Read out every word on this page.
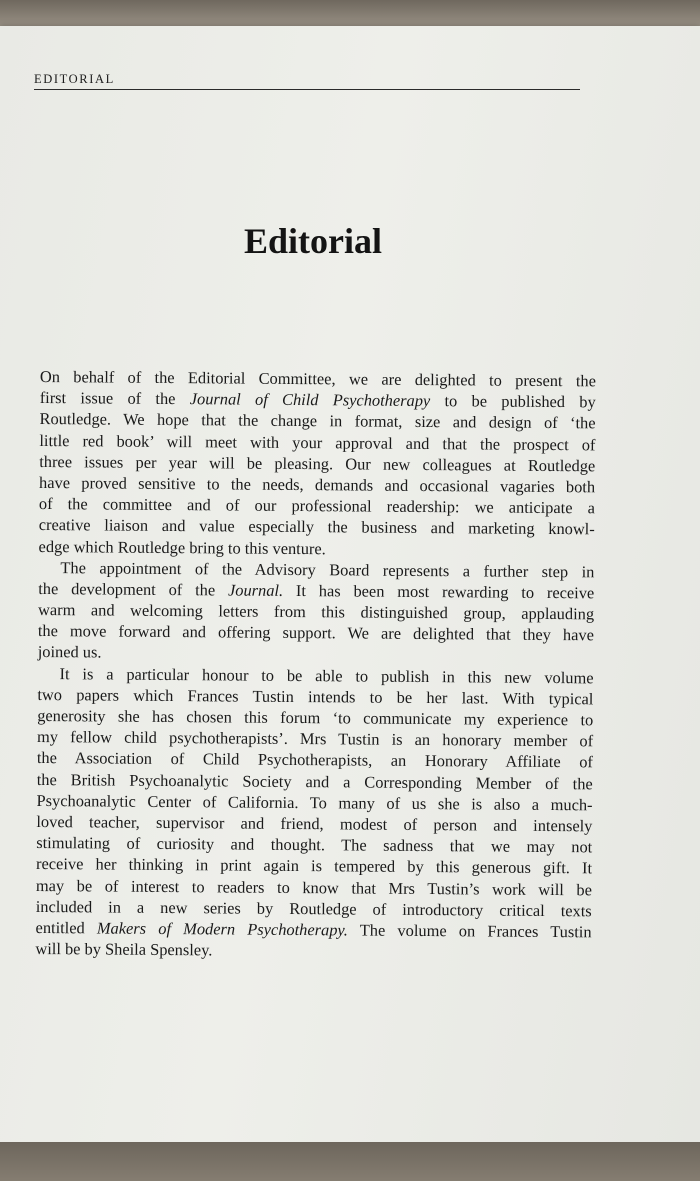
EDITORIAL
Editorial
On behalf of the Editorial Committee, we are delighted to present the
first issue of the Journal of Child Psychotherapy to be published by
Routledge. We hope that the change in format, size and design of ‘the
little red book’ will meet with your approval and that the prospect of
three issues per year will be pleasing. Our new colleagues at Routledge
have proved sensitive to the needs, demands and occasional vagaries both
of the committee and of our professional readership: we anticipate a
creative liaison and value especially the business and marketing knowl-
edge which Routledge bring to this venture.
The appointment of the Advisory Board represents a further step in
the development of the Journal. It has been most rewarding to receive
warm and welcoming letters from this distinguished group, applauding
the move forward and offering support. We are delighted that they have
joined us.
It is a particular honour to be able to publish in this new volume
two papers which Frances Tustin intends to be her last. With typical
generosity she has chosen this forum ‘to communicate my experience to
my fellow child psychotherapists’. Mrs Tustin is an honorary member of
the Association of Child Psychotherapists, an Honorary Affiliate of
the British Psychoanalytic Society and a Corresponding Member of the
Psychoanalytic Center of California. To many of us she is also a much-
loved teacher, supervisor and friend, modest of person and intensely
stimulating of curiosity and thought. The sadness that we may not
receive her thinking in print again is tempered by this generous gift. It
may be of interest to readers to know that Mrs Tustin’s work will be
included in a new series by Routledge of introductory critical texts
entitled Makers of Modern Psychotherapy. The volume on Frances Tustin
will be by Sheila Spensley.
